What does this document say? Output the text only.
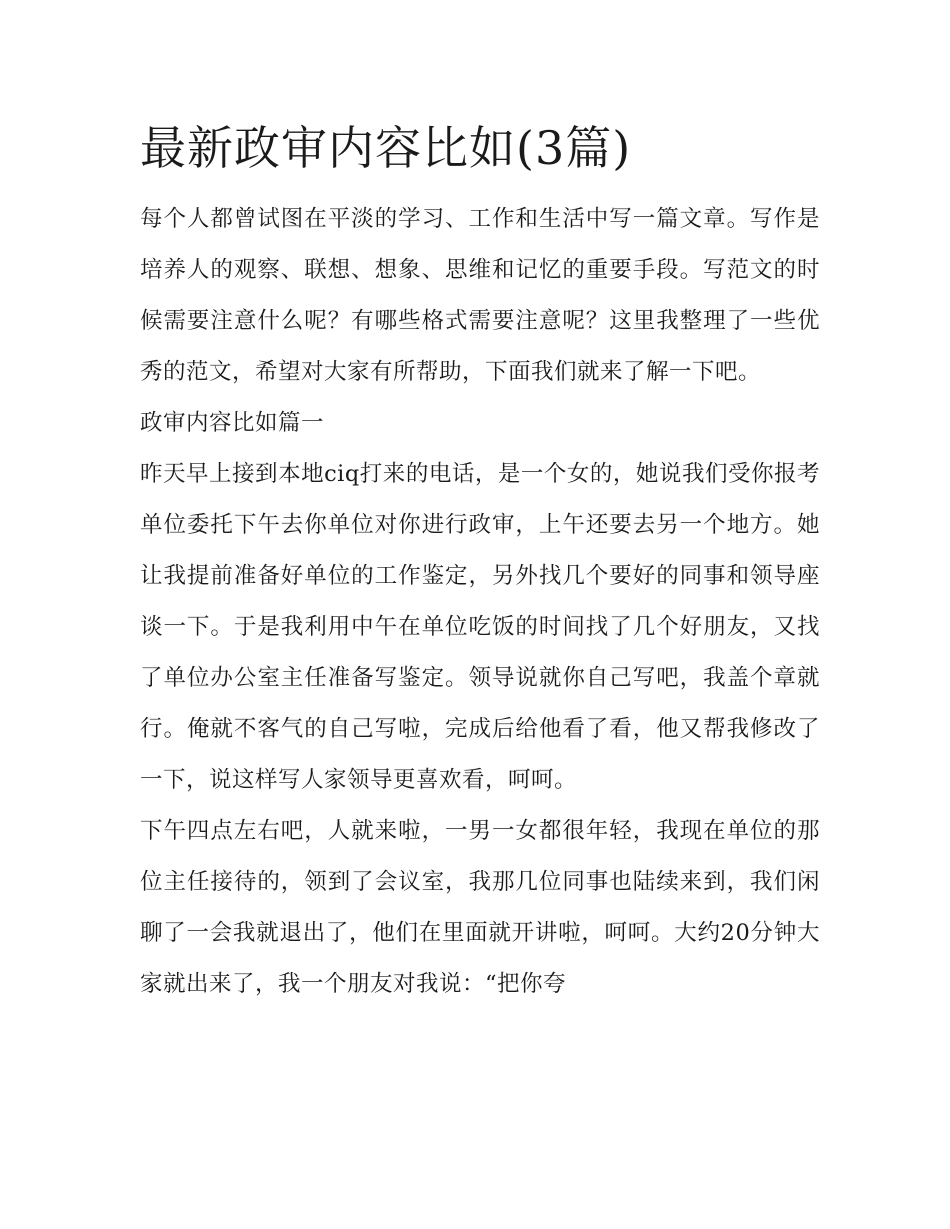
最新政审内容比如(3篇)

每个人都曾试图在平淡的学习、工作和生活中写一篇文章。写作是培养人的观察、联想、想象、思维和记忆的重要手段。写范文的时候需要注意什么呢？有哪些格式需要注意呢？这里我整理了一些优秀的范文，希望对大家有所帮助，下面我们就来了解一下吧。

政审内容比如篇一

昨天早上接到本地ciq打来的电话，是一个女的，她说我们受你报考单位委托下午去你单位对你进行政审，上午还要去另一个地方。她让我提前准备好单位的工作鉴定，另外找几个要好的同事和领导座谈一下。于是我利用中午在单位吃饭的时间找了几个好朋友，又找了单位办公室主任准备写鉴定。领导说就你自己写吧，我盖个章就行。俺就不客气的自己写啦，完成后给他看了看，他又帮我修改了一下，说这样写人家领导更喜欢看，呵呵。

下午四点左右吧，人就来啦，一男一女都很年轻，我现在单位的那位主任接待的，领到了会议室，我那几位同事也陆续来到，我们闲聊了一会我就退出了，他们在里面就开讲啦，呵呵。大约20分钟大家就出来了，我一个朋友对我说：“把你夸
